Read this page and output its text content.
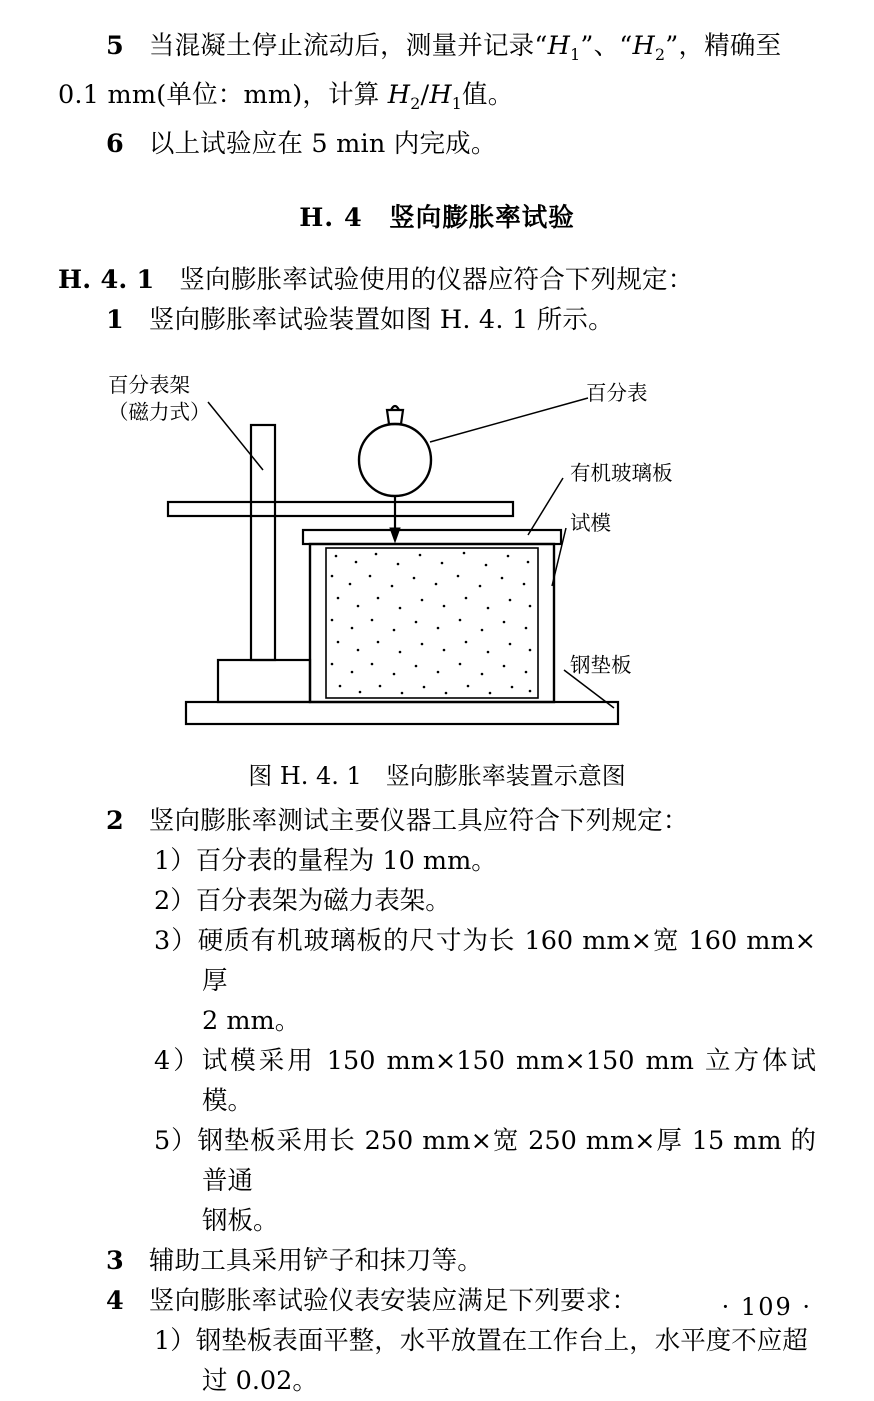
5 当混凝土停止流动后，测量并记录“$H_1$”、“$H_2$”，精确至

0.1 mm(单位：mm)，计算 $H_2/H_1$值。

6 以上试验应在 5 min 内完成。

H. 4　竖向膨胀率试验

H. 4. 1 竖向膨胀率试验使用的仪器应符合下列规定：

1 竖向膨胀率试验装置如图 H. 4. 1 所示。

百分表架
（磁力式）
百分表
有机玻璃板
试模
钢垫板
图 H. 4. 1　竖向膨胀率装置示意图

2 竖向膨胀率测试主要仪器工具应符合下列规定：

1）百分表的量程为 10 mm。

2）百分表架为磁力表架。

3）硬质有机玻璃板的尺寸为长 160 mm×宽 160 mm×厚

2 mm。

4）试模采用 150 mm×150 mm×150 mm 立方体试模。

5）钢垫板采用长 250 mm×宽 250 mm×厚 15 mm 的普通

钢板。

3 辅助工具采用铲子和抹刀等。

4 竖向膨胀率试验仪表安装应满足下列要求：

1）钢垫板表面平整，水平放置在工作台上，水平度不应超

过 0.02。

· 109 ·
